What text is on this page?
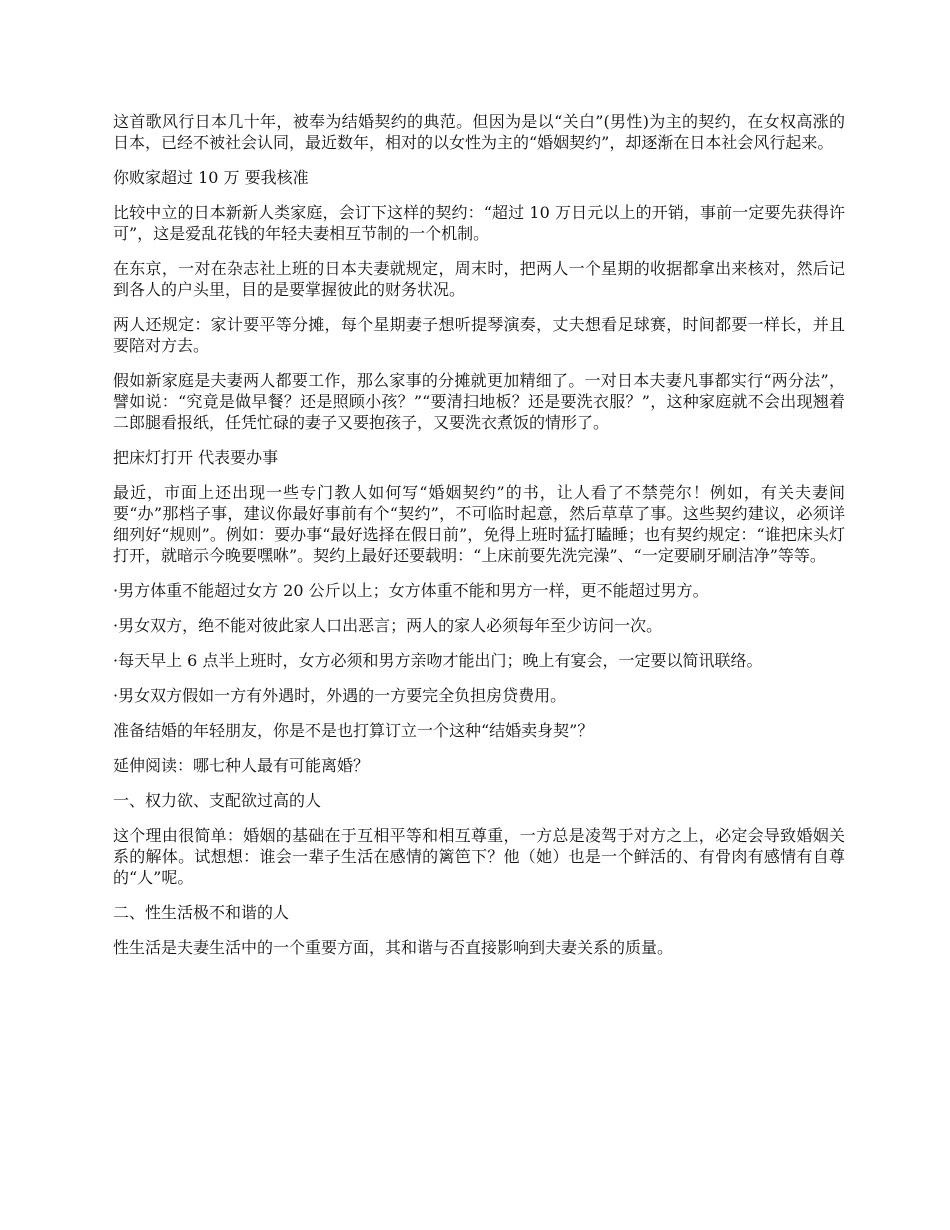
这首歌风行日本几十年，被奉为结婚契约的典范。但因为是以“关白”(男性)为主的契约，在女权高涨的日本，已经不被社会认同，最近数年，相对的以女性为主的“婚姻契约”，却逐渐在日本社会风行起来。

你败家超过 10 万 要我核准

比较中立的日本新新人类家庭，会订下这样的契约：“超过 10 万日元以上的开销，事前一定要先获得许可”，这是爱乱花钱的年轻夫妻相互节制的一个机制。

在东京，一对在杂志社上班的日本夫妻就规定，周末时，把两人一个星期的收据都拿出来核对，然后记到各人的户头里，目的是要掌握彼此的财务状况。

两人还规定：家计要平等分摊，每个星期妻子想听提琴演奏，丈夫想看足球赛，时间都要一样长，并且要陪对方去。

假如新家庭是夫妻两人都要工作，那么家事的分摊就更加精细了。一对日本夫妻凡事都实行“两分法”，譬如说：“究竟是做早餐？还是照顾小孩？”“要清扫地板？还是要洗衣服？”，这种家庭就不会出现翘着二郎腿看报纸，任凭忙碌的妻子又要抱孩子，又要洗衣煮饭的情形了。

把床灯打开 代表要办事

最近，市面上还出现一些专门教人如何写“婚姻契约”的书，让人看了不禁莞尔！例如，有关夫妻间要“办”那档子事，建议你最好事前有个“契约”，不可临时起意，然后草草了事。这些契约建议，必须详细列好“规则”。例如：要办事“最好选择在假日前”，免得上班时猛打瞌睡；也有契约规定：“谁把床头灯打开，就暗示今晚要嘿咻”。契约上最好还要载明：“上床前要先洗完澡”、“一定要刷牙刷洁净”等等。

·男方体重不能超过女方 20 公斤以上；女方体重不能和男方一样，更不能超过男方。

·男女双方，绝不能对彼此家人口出恶言；两人的家人必须每年至少访问一次。

·每天早上 6 点半上班时，女方必须和男方亲吻才能出门；晚上有宴会，一定要以简讯联络。

·男女双方假如一方有外遇时，外遇的一方要完全负担房贷费用。

准备结婚的年轻朋友，你是不是也打算订立一个这种“结婚卖身契”？

延伸阅读：哪七种人最有可能离婚？

一、权力欲、支配欲过高的人

这个理由很简单：婚姻的基础在于互相平等和相互尊重，一方总是凌驾于对方之上，必定会导致婚姻关系的解体。试想想：谁会一辈子生活在感情的篱笆下？他（她）也是一个鲜活的、有骨肉有感情有自尊的“人”呢。

二、性生活极不和谐的人

性生活是夫妻生活中的一个重要方面，其和谐与否直接影响到夫妻关系的质量。
